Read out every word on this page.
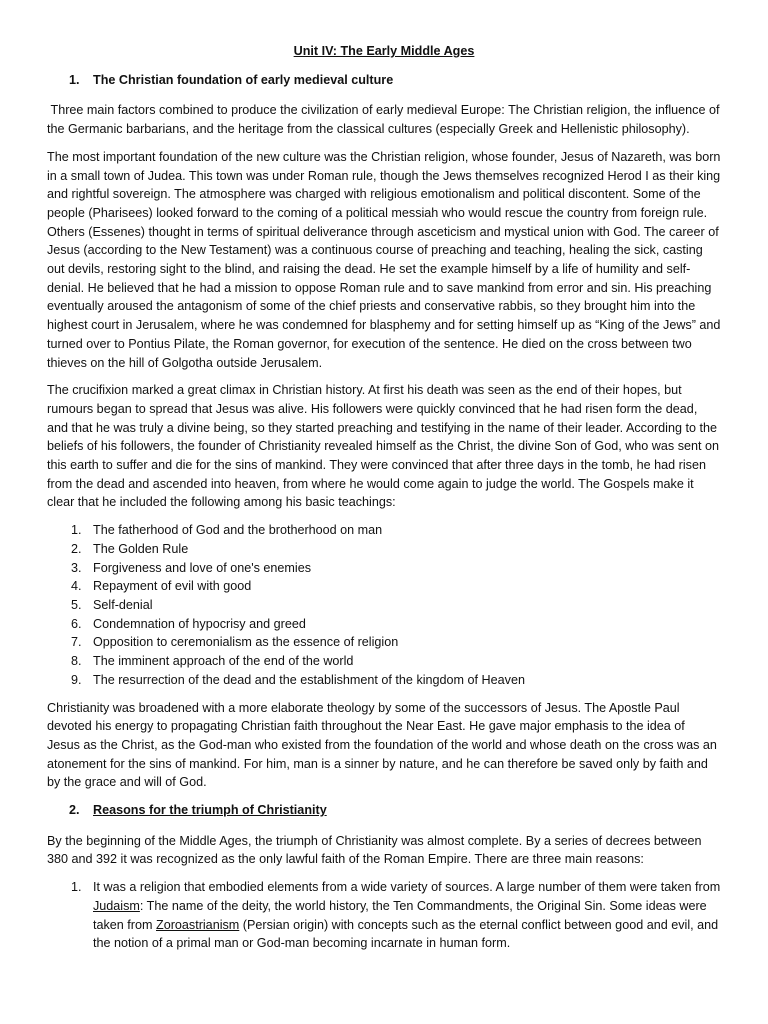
Unit IV: The Early Middle Ages
1.	The Christian foundation of early medieval culture

Three main factors combined to produce the civilization of early medieval Europe: The Christian religion, the influence of the Germanic barbarians, and the heritage from the classical cultures (especially Greek and Hellenistic philosophy).

The most important foundation of the new culture was the Christian religion, whose founder, Jesus of Nazareth, was born in a small town of Judea. This town was under Roman rule, though the Jews themselves recognized Herod I as their king and rightful sovereign. The atmosphere was charged with religious emotionalism and political discontent. Some of the people (Pharisees) looked forward to the coming of a political messiah who would rescue the country from foreign rule. Others (Essenes) thought in terms of spiritual deliverance through asceticism and mystical union with God. The career of Jesus (according to the New Testament) was a continuous course of preaching and teaching, healing the sick, casting out devils, restoring sight to the blind, and raising the dead. He set the example himself by a life of humility and self-denial. He believed that he had a mission to oppose Roman rule and to save mankind from error and sin. His preaching eventually aroused the antagonism of some of the chief priests and conservative rabbis, so they brought him into the highest court in Jerusalem, where he was condemned for blasphemy and for setting himself up as “King of the Jews” and turned over to Pontius Pilate, the Roman governor, for execution of the sentence. He died on the cross between two thieves on the hill of Golgotha outside Jerusalem.

The crucifixion marked a great climax in Christian history. At first his death was seen as the end of their hopes, but rumours began to spread that Jesus was alive. His followers were quickly convinced that he had risen form the dead, and that he was truly a divine being, so they started preaching and testifying in the name of their leader. According to the beliefs of his followers, the founder of Christianity revealed himself as the Christ, the divine Son of God, who was sent on this earth to suffer and die for the sins of mankind. They were convinced that after three days in the tomb, he had risen from the dead and ascended into heaven, from where he would come again to judge the world. The Gospels make it clear that he included the following among his basic teachings:

1. The fatherhood of God and the brotherhood on man
2. The Golden Rule
3. Forgiveness and love of one's enemies
4. Repayment of evil with good
5. Self-denial
6. Condemnation of hypocrisy and greed
7. Opposition to ceremonialism as the essence of religion
8. The imminent approach of the end of the world
9. The resurrection of the dead and the establishment of the kingdom of Heaven

Christianity was broadened with a more elaborate theology by some of the successors of Jesus. The Apostle Paul devoted his energy to propagating Christian faith throughout the Near East. He gave major emphasis to the idea of Jesus as the Christ, as the God-man who existed from the foundation of the world and whose death on the cross was an atonement for the sins of mankind. For him, man is a sinner by nature, and he can therefore be saved only by faith and by the grace and will of God.

2.	Reasons for the triumph of Christianity

By the beginning of the Middle Ages, the triumph of Christianity was almost complete. By a series of decrees between 380 and 392 it was recognized as the only lawful faith of the Roman Empire. There are three main reasons:

1. It was a religion that embodied elements from a wide variety of sources. A large number of them were taken from Judaism: The name of the deity, the world history, the Ten Commandments, the Original Sin. Some ideas were taken from Zoroastrianism (Persian origin) with concepts such as the eternal conflict between good and evil, and the notion of a primal man or God-man becoming incarnate in human form.
